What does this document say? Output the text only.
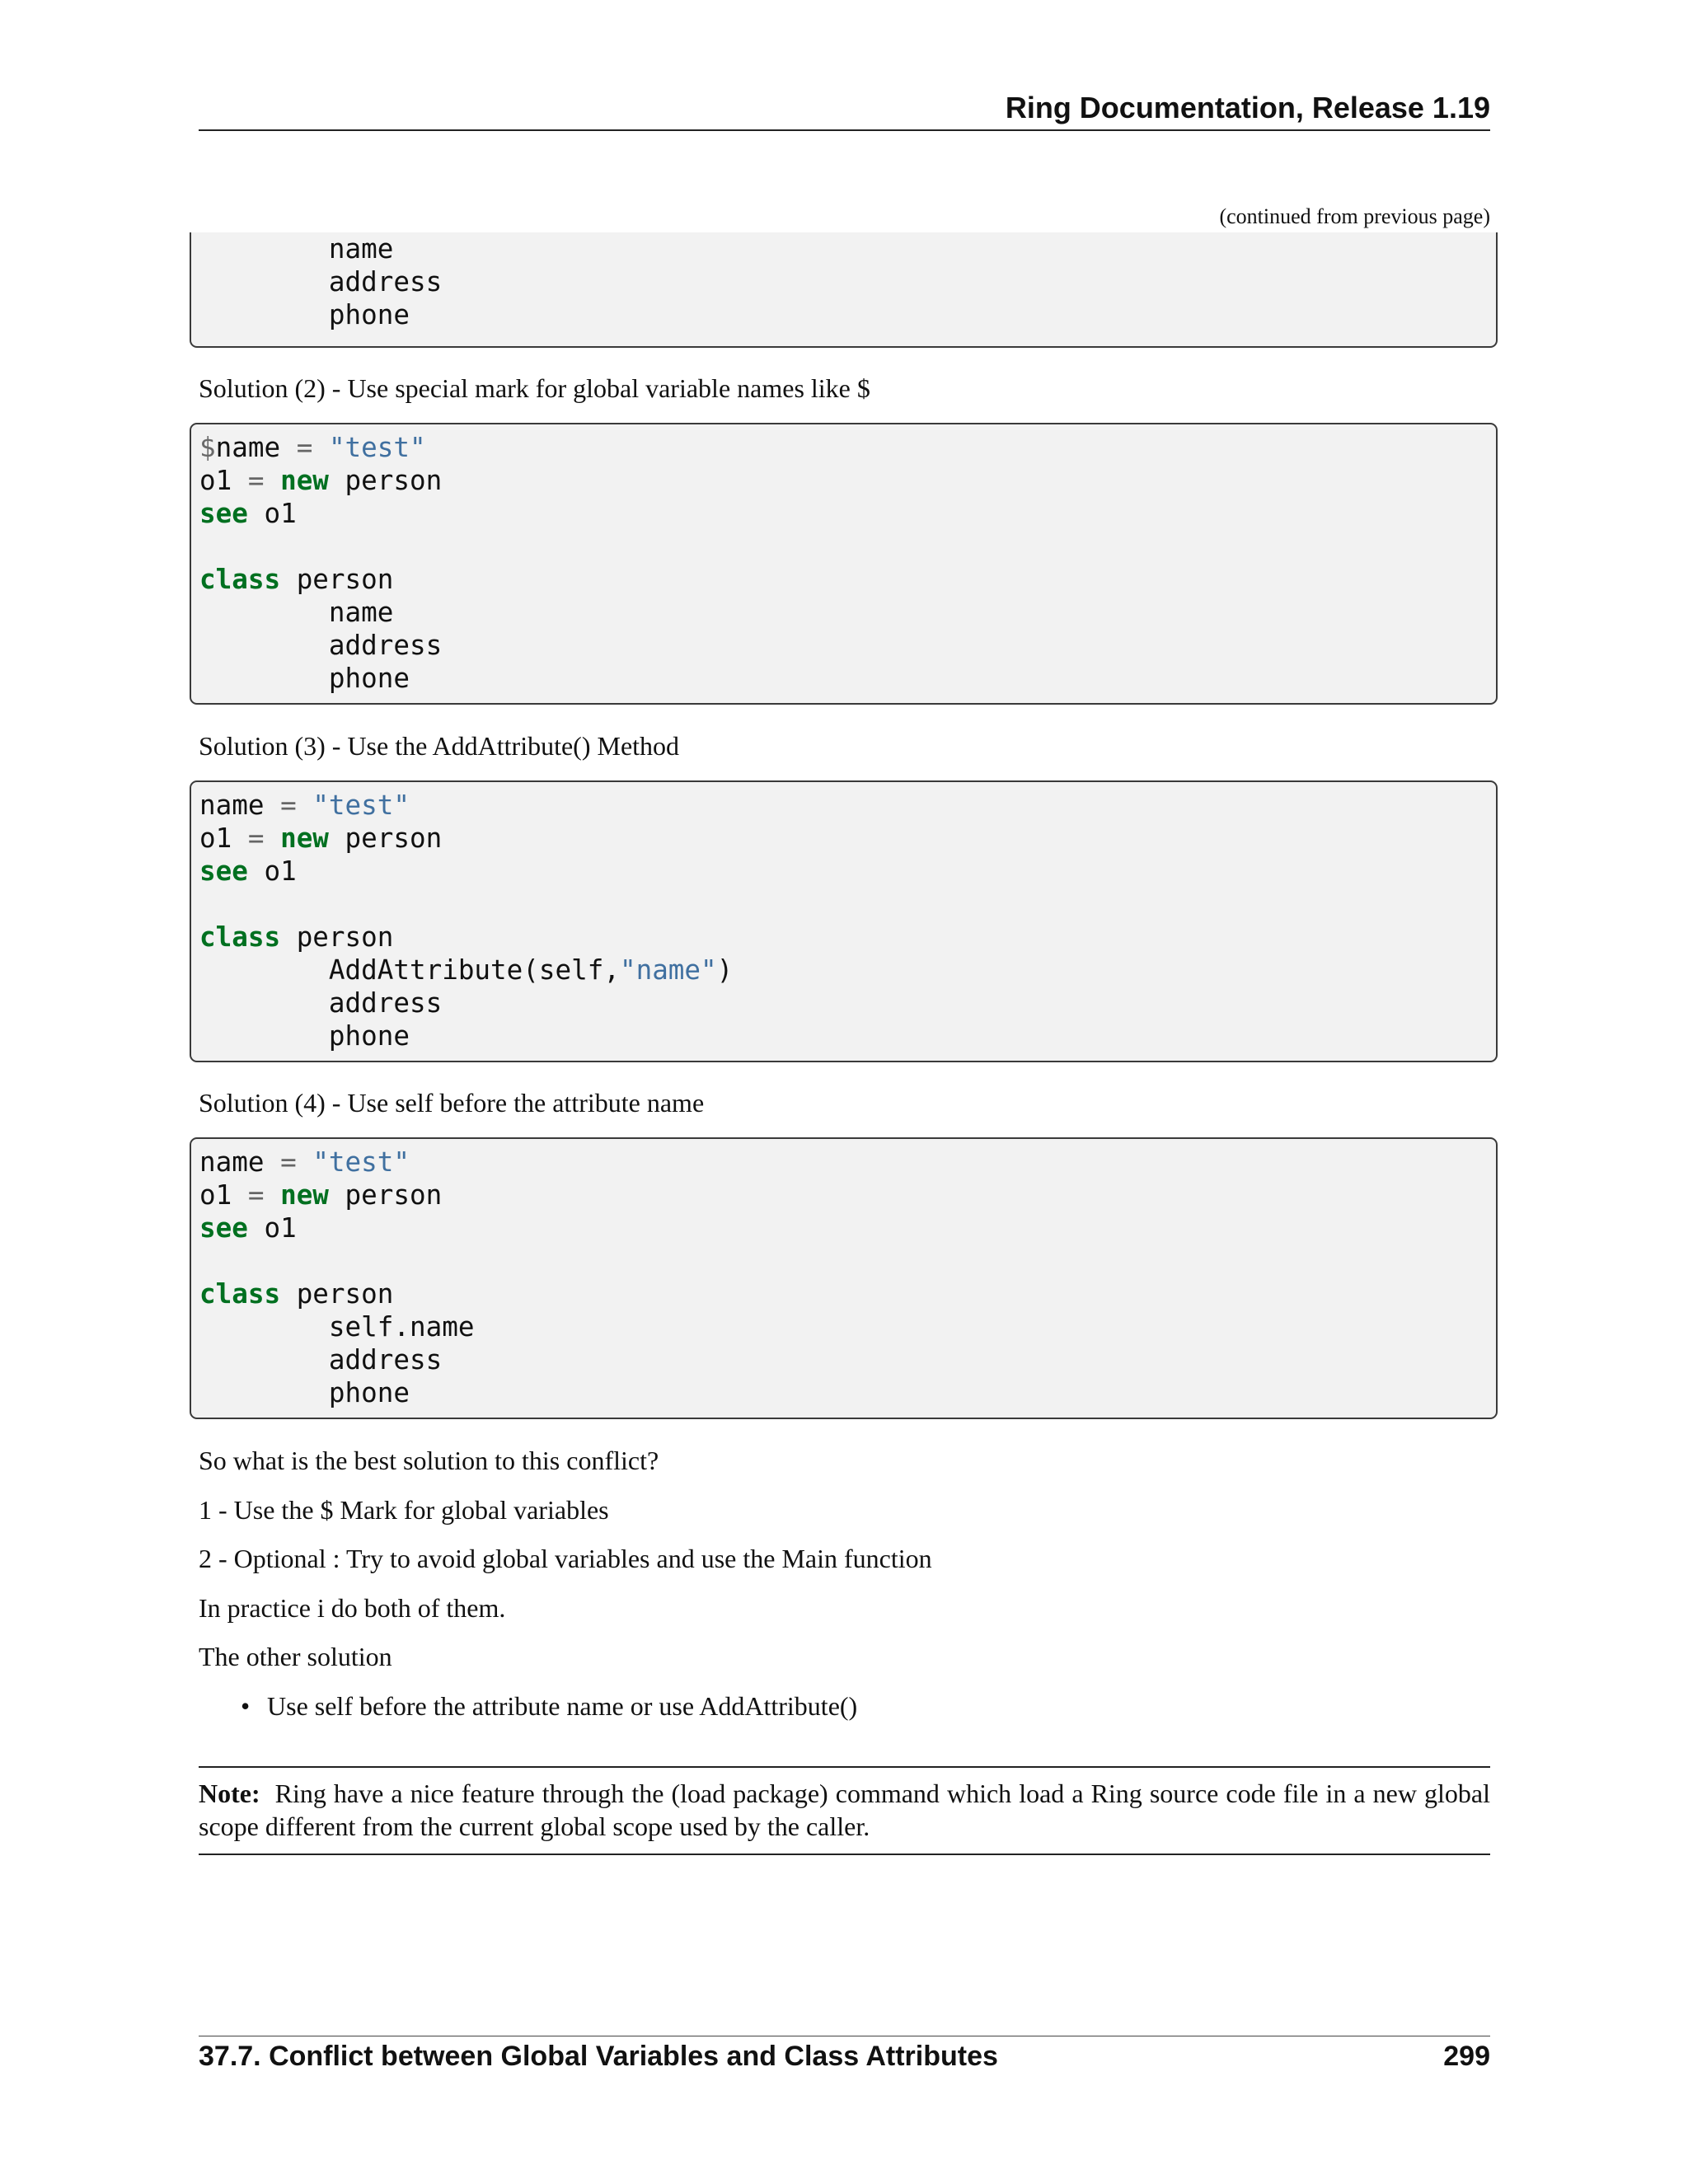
Ring Documentation, Release 1.19
(continued from previous page)
name
address
phone
Solution (2) - Use special mark for global variable names like $
$name = "test"
o1 = new person
see o1
class person
name
address
phone
Solution (3) - Use the AddAttribute() Method
name = "test"
o1 = new person
see o1
class person
AddAttribute(self,"name")
address
phone
Solution (4) - Use self before the attribute name
name = "test"
o1 = new person
see o1
class person
self.name
address
phone
So what is the best solution to this conflict?
1 - Use the $ Mark for global variables
2 - Optional : Try to avoid global variables and use the Main function
In practice i do both of them.
The other solution
• Use self before the attribute name or use AddAttribute()
Note: Ring have a nice feature through the (load package) command which load a Ring source code file in a new global scope different from the current global scope used by the caller.
37.7. Conflict between Global Variables and Class Attributes	299
